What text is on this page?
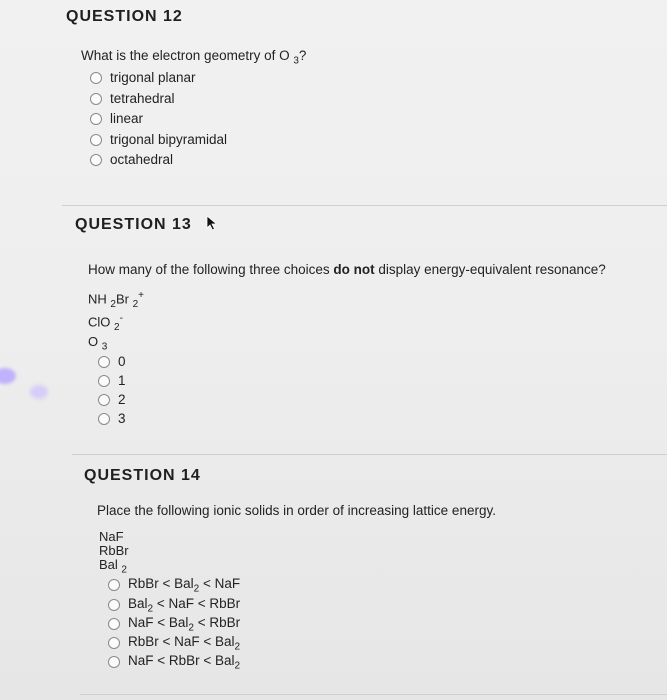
QUESTION 12
What is the electron geometry of O $_3$?
trigonal planar
tetrahedral
linear
trigonal bipyramidal
octahedral
QUESTION 13
How many of the following three choices do not display energy-equivalent resonance?
NH $_2$Br $_2$+
ClO $_2$-
O $_3$
0
1
2
3
QUESTION 14
Place the following ionic solids in order of increasing lattice energy.
NaF
RbBr
Bal $_2$
RbBr < Bal$_2$ < NaF
Bal$_2$ < NaF < RbBr
NaF < Bal$_2$ < RbBr
RbBr < NaF < Bal$_2$
NaF < RbBr < Bal$_2$
